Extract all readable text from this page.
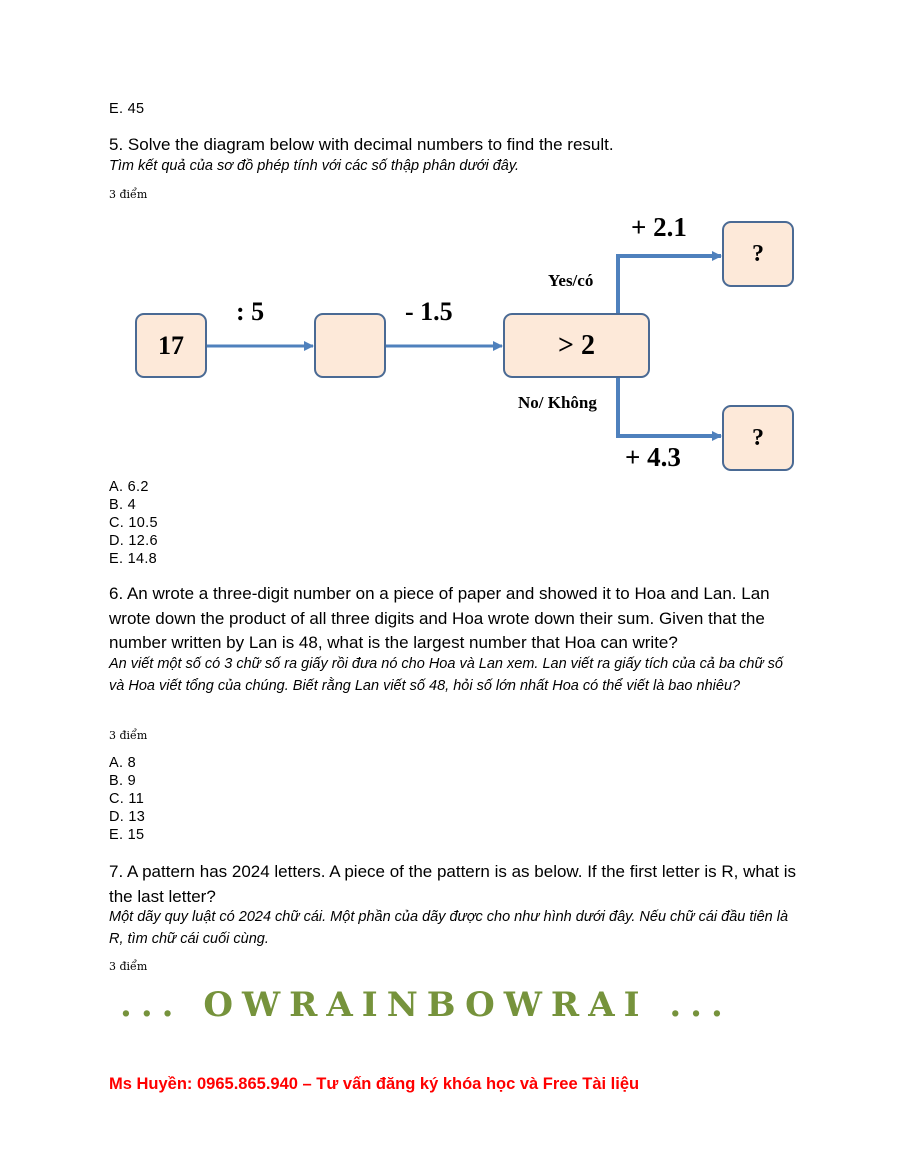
E. 45
5. Solve the diagram below with decimal numbers to find the result.
Tìm kết quả của sơ đồ phép tính với các số thập phân dưới đây.
3 điểm
17
: 5	- 1.5
> 2
Yes/có
No/ Không
+ 2.1
+ 4.3
?
?
A. 6.2
B. 4
C. 10.5
D. 12.6
E. 14.8
6. An wrote a three-digit number on a piece of paper and showed it to Hoa and Lan. Lan wrote down the product of all three digits and Hoa wrote down their sum. Given that the number written by Lan is 48, what is the largest number that Hoa can write?
An viết một số có 3 chữ số ra giấy rồi đưa nó cho Hoa và Lan xem. Lan viết ra giấy tích của cả ba chữ số và Hoa viết tổng của chúng. Biết rằng Lan viết số 48, hỏi số lớn nhất Hoa có thể viết là bao nhiêu?
3 điểm
A. 8
B. 9
C. 11
D. 13
E. 15
7. A pattern has 2024 letters. A piece of the pattern is as below. If the first letter is R, what is the last letter?
Một dãy quy luật có 2024 chữ cái. Một phần của dãy được cho như hình dưới đây. Nếu chữ cái đầu tiên là R, tìm chữ cái cuối cùng.
3 điểm
... OWRAINBOWRAI ...
Ms Huyền: 0965.865.940 – Tư vấn đăng ký khóa học và Free Tài liệu
